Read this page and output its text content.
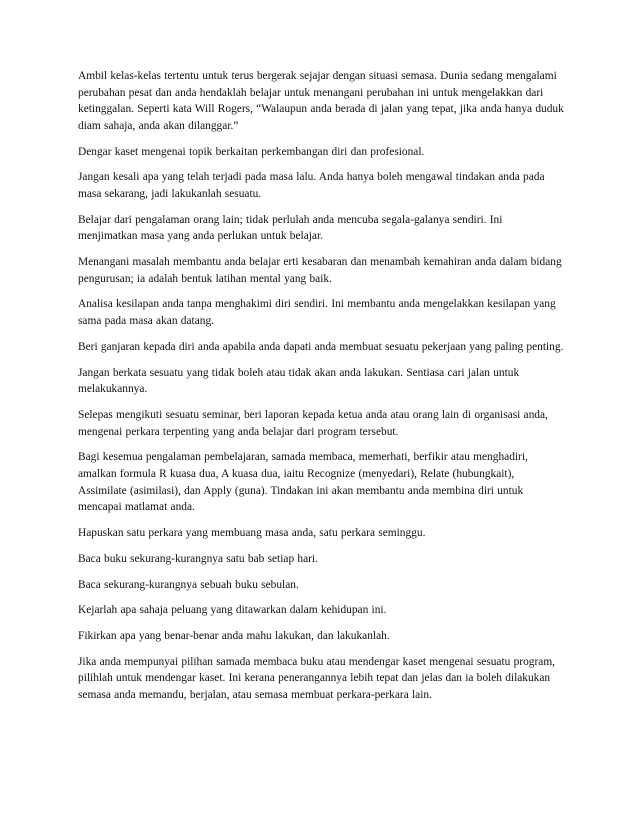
Ambil kelas-kelas tertentu untuk terus bergerak sejajar dengan situasi semasa. Dunia sedang mengalami perubahan pesat dan anda hendaklah belajar untuk menangani perubahan ini untuk mengelakkan dari ketinggalan. Seperti kata Will Rogers, “Walaupun anda berada di jalan yang tepat, jika anda hanya duduk diam sahaja, anda akan dilanggar.”

Dengar kaset mengenai topik berkaitan perkembangan diri dan profesional.

Jangan kesali apa yang telah terjadi pada masa lalu. Anda hanya boleh mengawal tindakan anda pada masa sekarang, jadi lakukanlah sesuatu.

Belajar dari pengalaman orang lain; tidak perlulah anda mencuba segala-galanya sendiri. Ini menjimatkan masa yang anda perlukan untuk belajar.

Menangani masalah membantu anda belajar erti kesabaran dan menambah kemahiran anda dalam bidang pengurusan; ia adalah bentuk latihan mental yang baik.

Analisa kesilapan anda tanpa menghakimi diri sendiri. Ini membantu anda mengelakkan kesilapan yang sama pada masa akan datang.

Beri ganjaran kepada diri anda apabila anda dapati anda membuat sesuatu pekerjaan yang paling penting.

Jangan berkata sesuatu yang tidak boleh atau tidak akan anda lakukan. Sentiasa cari jalan untuk melakukannya.

Selepas mengikuti sesuatu seminar, beri laporan kepada ketua anda atau orang lain di organisasi anda, mengenai perkara terpenting yang anda belajar dari program tersebut.

Bagi kesemua pengalaman pembelajaran, samada membaca, memerhati, berfikir atau menghadiri, amalkan formula R kuasa dua, A kuasa dua, iaitu Recognize (menyedari), Relate (hubungkait), Assimilate (asimilasi), dan Apply (guna). Tindakan ini akan membantu anda membina diri untuk mencapai matlamat anda.

Hapuskan satu perkara yang membuang masa anda, satu perkara seminggu.

Baca buku sekurang-kurangnya satu bab setiap hari.

Baca sekurang-kurangnya sebuah buku sebulan.

Kejarlah apa sahaja peluang yang ditawarkan dalam kehidupan ini.

Fikirkan apa yang benar-benar anda mahu lakukan, dan lakukanlah.

Jika anda mempunyai pilihan samada membaca buku atau mendengar kaset mengenai sesuatu program, pilihlah untuk mendengar kaset. Ini kerana penerangannya lebih tepat dan jelas dan ia boleh dilakukan semasa anda memandu, berjalan, atau semasa membuat perkara-perkara lain.
